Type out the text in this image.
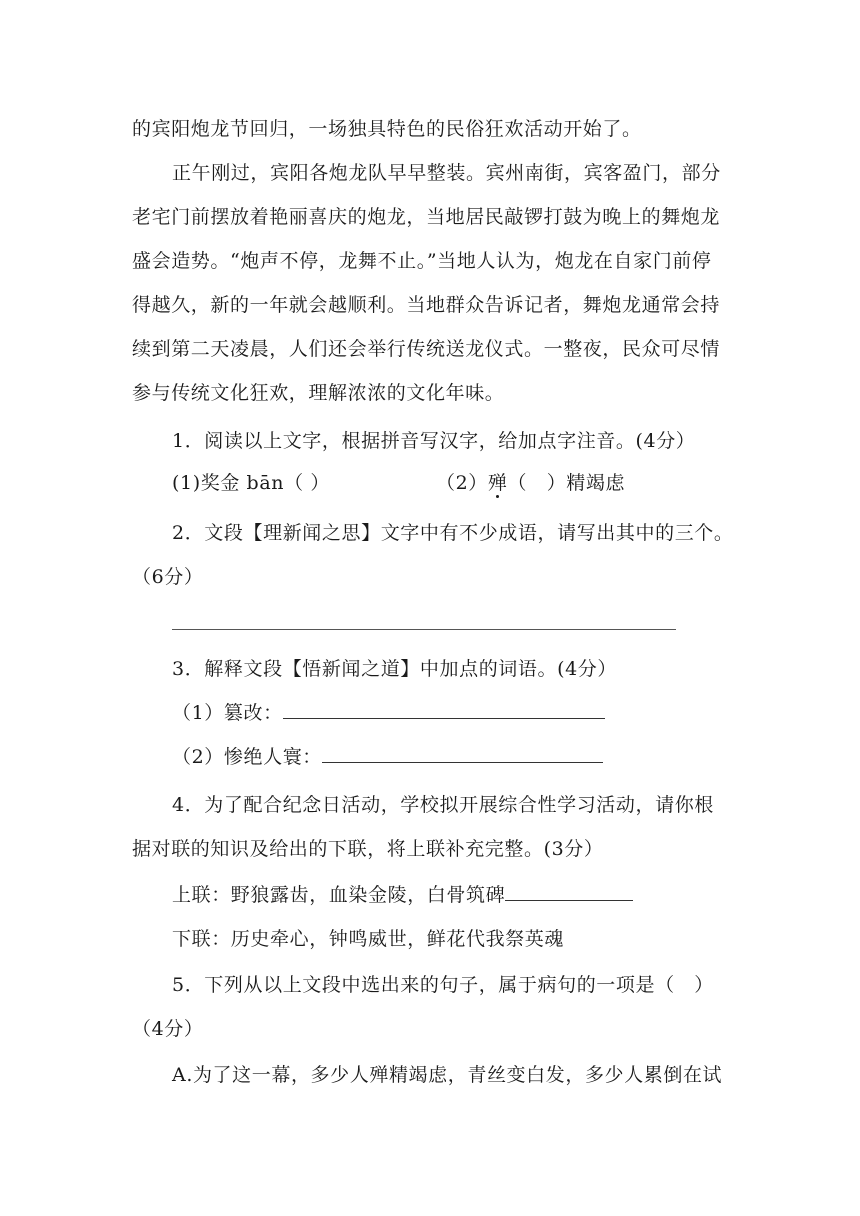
的宾阳炮龙节回归，一场独具特色的民俗狂欢活动开始了。
正午刚过，宾阳各炮龙队早早整装。宾州南街，宾客盈门，部分
老宅门前摆放着艳丽喜庆的炮龙，当地居民敲锣打鼓为晚上的舞炮龙
盛会造势。“炮声不停，龙舞不止。”当地人认为，炮龙在自家门前停
得越久，新的一年就会越顺利。当地群众告诉记者，舞炮龙通常会持
续到第二天凌晨，人们还会举行传统送龙仪式。一整夜，民众可尽情
参与传统文化狂欢，理解浓浓的文化年味。
1．阅读以上文字，根据拼音写汉字，给加点字注音。(4分）
(1)奖金 bān（ ）	（2）殚（　）精竭虑
2．文段【理新闻之思】文字中有不少成语，请写出其中的三个。
（6分）
3．解释文段【悟新闻之道】中加点的词语。(4分）
（1）篡改：
（2）惨绝人寰：
4．为了配合纪念日活动，学校拟开展综合性学习活动，请你根
据对联的知识及给出的下联，将上联补充完整。(3分）
上联：野狼露齿，血染金陵，白骨筑碑
下联：历史牵心，钟鸣威世，鲜花代我祭英魂
5．下列从以上文段中选出来的句子，属于病句的一项是（　）
（4分）
A.为了这一幕，多少人殚精竭虑，青丝变白发，多少人累倒在试
